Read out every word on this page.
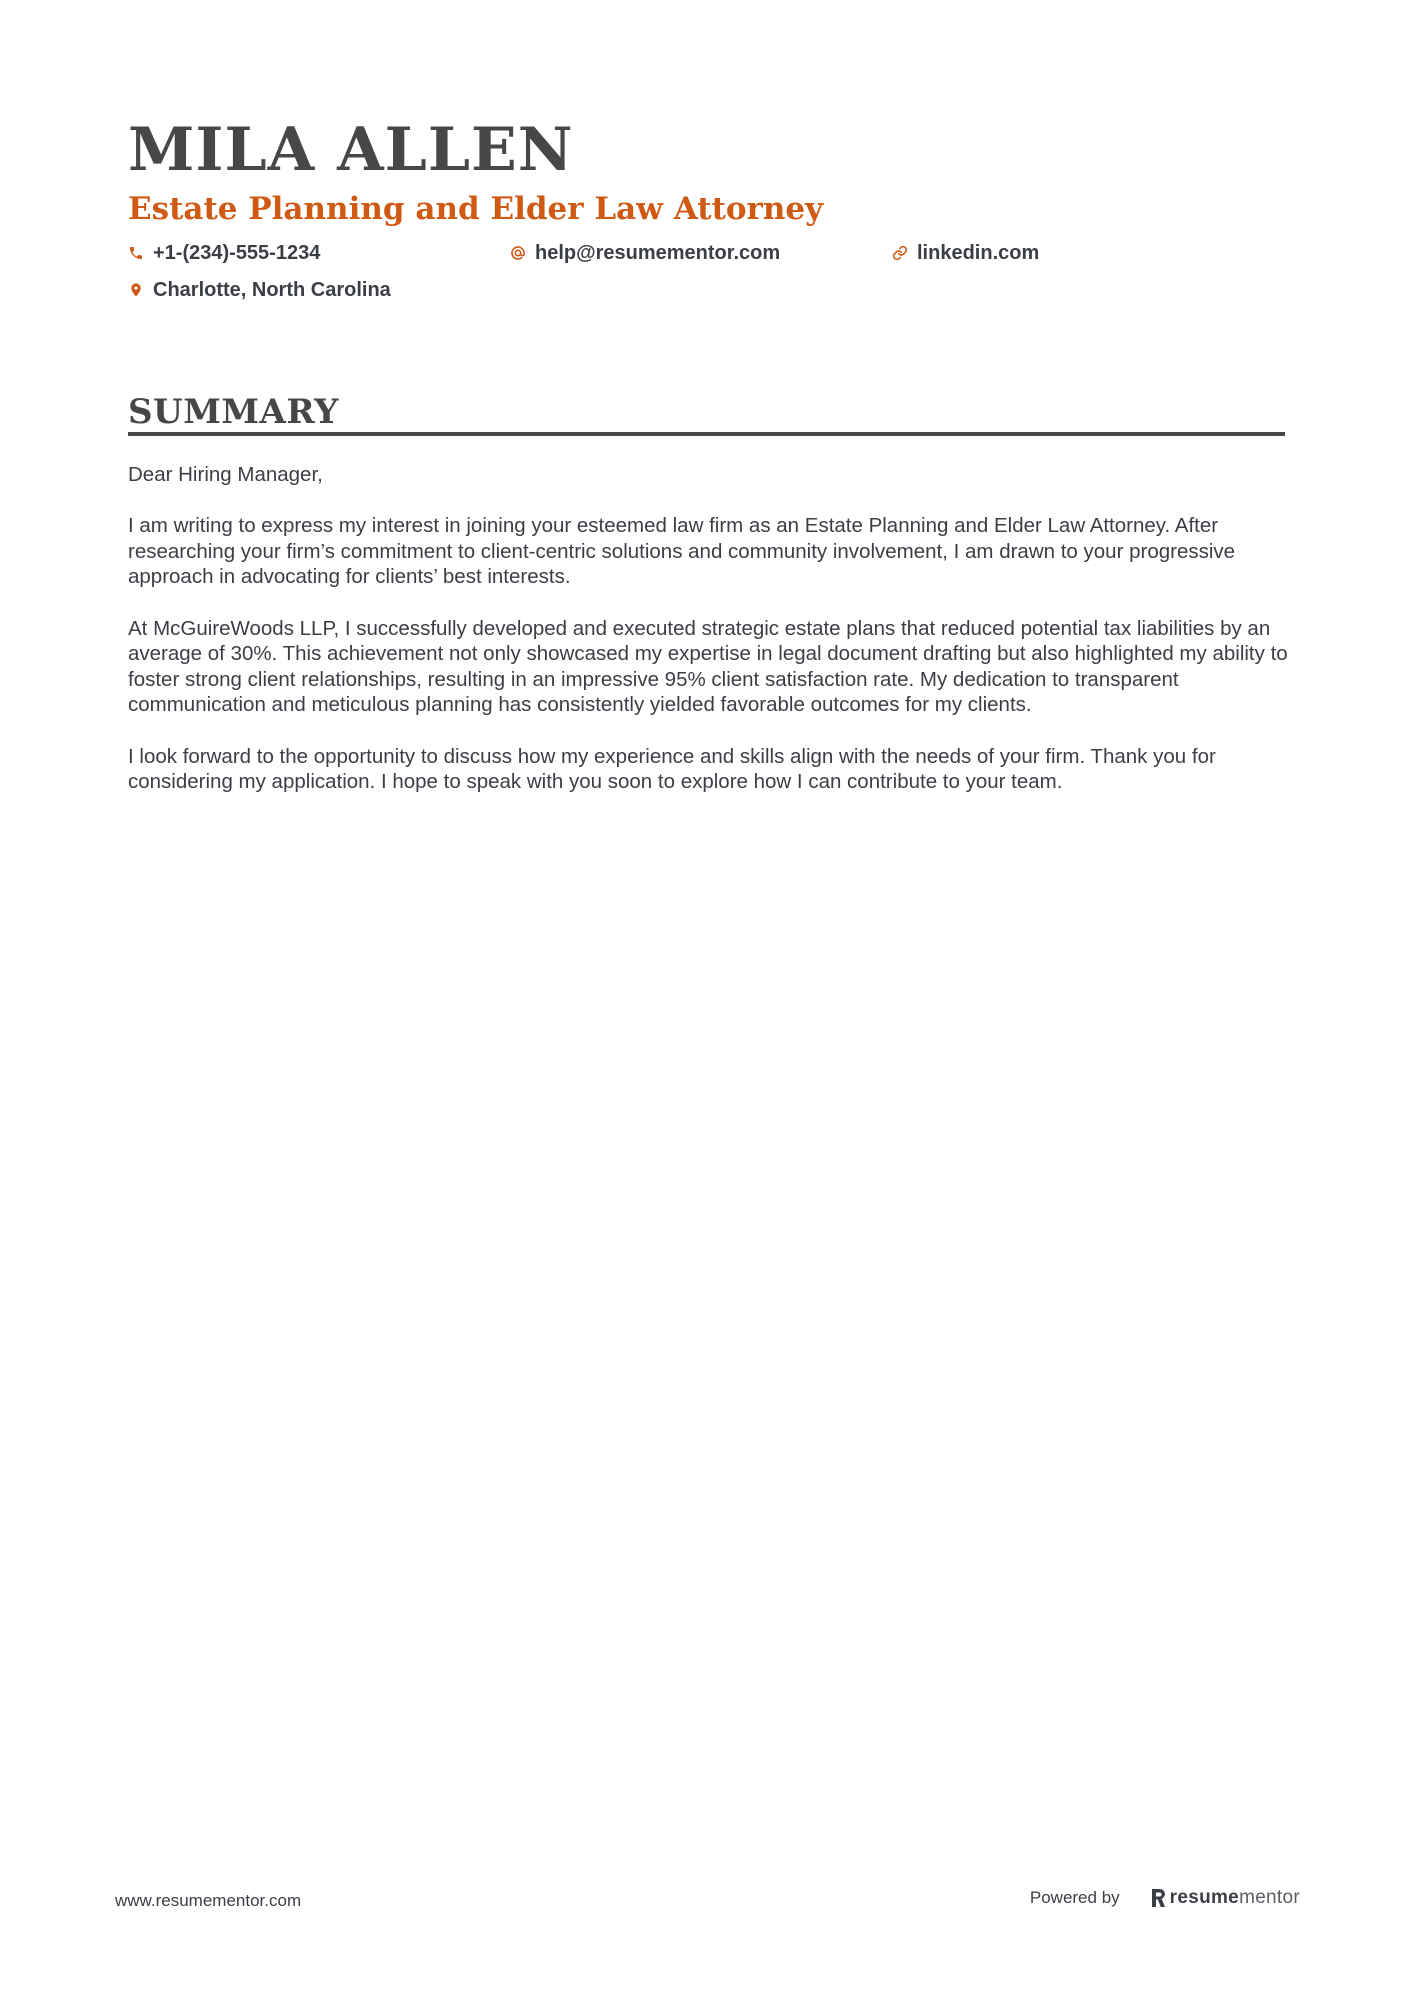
MILA ALLEN
Estate Planning and Elder Law Attorney
+1-(234)-555-1234	help@resumementor.com	linkedin.com
Charlotte, North Carolina
SUMMARY

Dear Hiring Manager,

I am writing to express my interest in joining your esteemed law firm as an Estate Planning and Elder Law Attorney. After researching your firm’s commitment to client-centric solutions and community involvement, I am drawn to your progressive approach in advocating for clients’ best interests.

At McGuireWoods LLP, I successfully developed and executed strategic estate plans that reduced potential tax liabilities by an average of 30%. This achievement not only showcased my expertise in legal document drafting but also highlighted my ability to foster strong client relationships, resulting in an impressive 95% client satisfaction rate. My dedication to transparent communication and meticulous planning has consistently yielded favorable outcomes for my clients.

I look forward to the opportunity to discuss how my experience and skills align with the needs of your firm. Thank you for considering my application. I hope to speak with you soon to explore how I can contribute to your team.

www.resumementor.com	Powered by	resume mentor
